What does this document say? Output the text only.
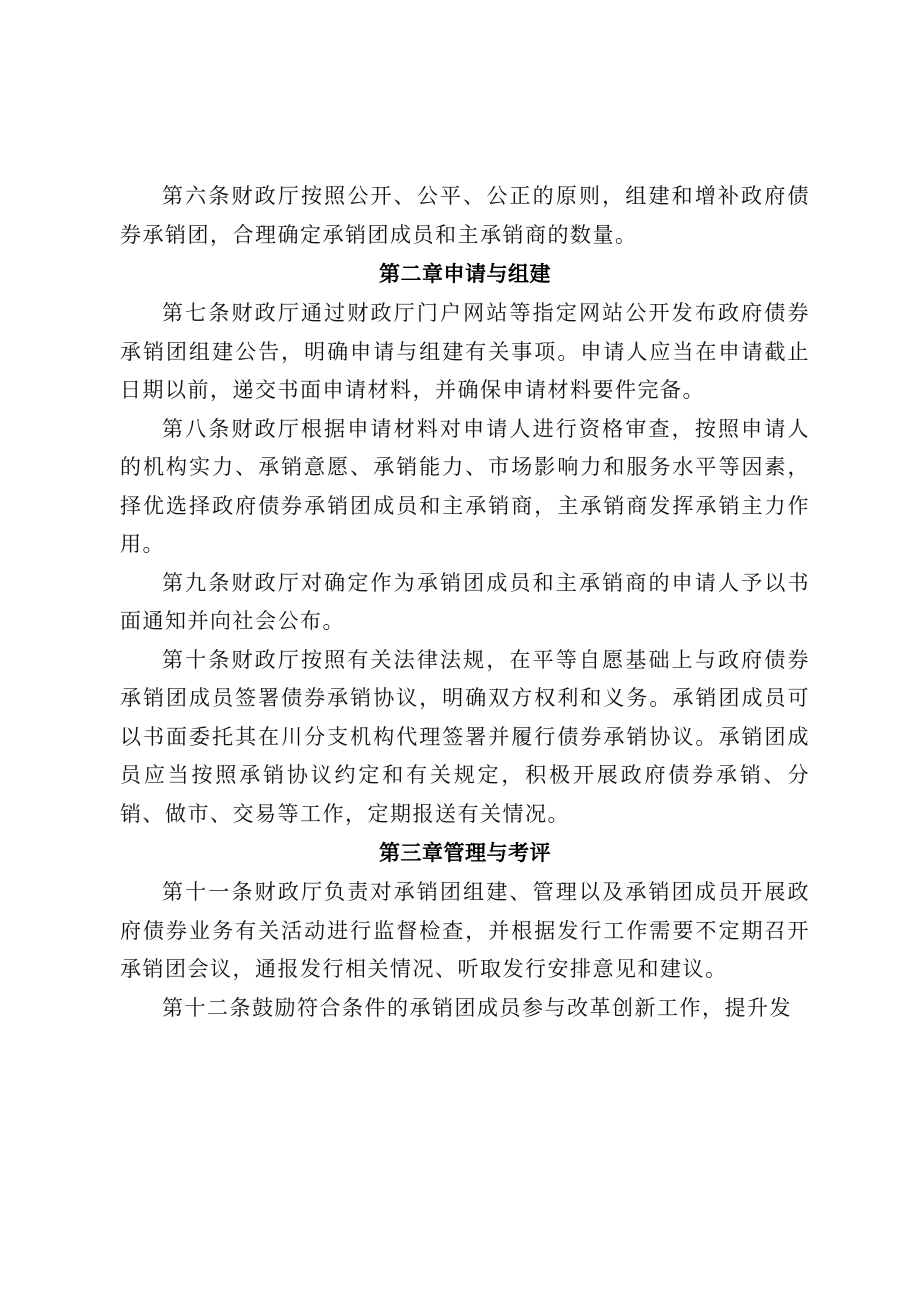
第六条财政厅按照公开、公平、公正的原则，组建和增补政府债券承销团，合理确定承销团成员和主承销商的数量。

第二章申请与组建

第七条财政厅通过财政厅门户网站等指定网站公开发布政府债券承销团组建公告，明确申请与组建有关事项。申请人应当在申请截止日期以前，递交书面申请材料，并确保申请材料要件完备。

第八条财政厅根据申请材料对申请人进行资格审查，按照申请人的机构实力、承销意愿、承销能力、市场影响力和服务水平等因素，择优选择政府债券承销团成员和主承销商，主承销商发挥承销主力作用。

第九条财政厅对确定作为承销团成员和主承销商的申请人予以书面通知并向社会公布。

第十条财政厅按照有关法律法规，在平等自愿基础上与政府债券承销团成员签署债券承销协议，明确双方权利和义务。承销团成员可以书面委托其在川分支机构代理签署并履行债券承销协议。承销团成员应当按照承销协议约定和有关规定，积极开展政府债券承销、分销、做市、交易等工作，定期报送有关情况。

第三章管理与考评

第十一条财政厅负责对承销团组建、管理以及承销团成员开展政府债券业务有关活动进行监督检查，并根据发行工作需要不定期召开承销团会议，通报发行相关情况、听取发行安排意见和建议。

第十二条鼓励符合条件的承销团成员参与改革创新工作，提升发
